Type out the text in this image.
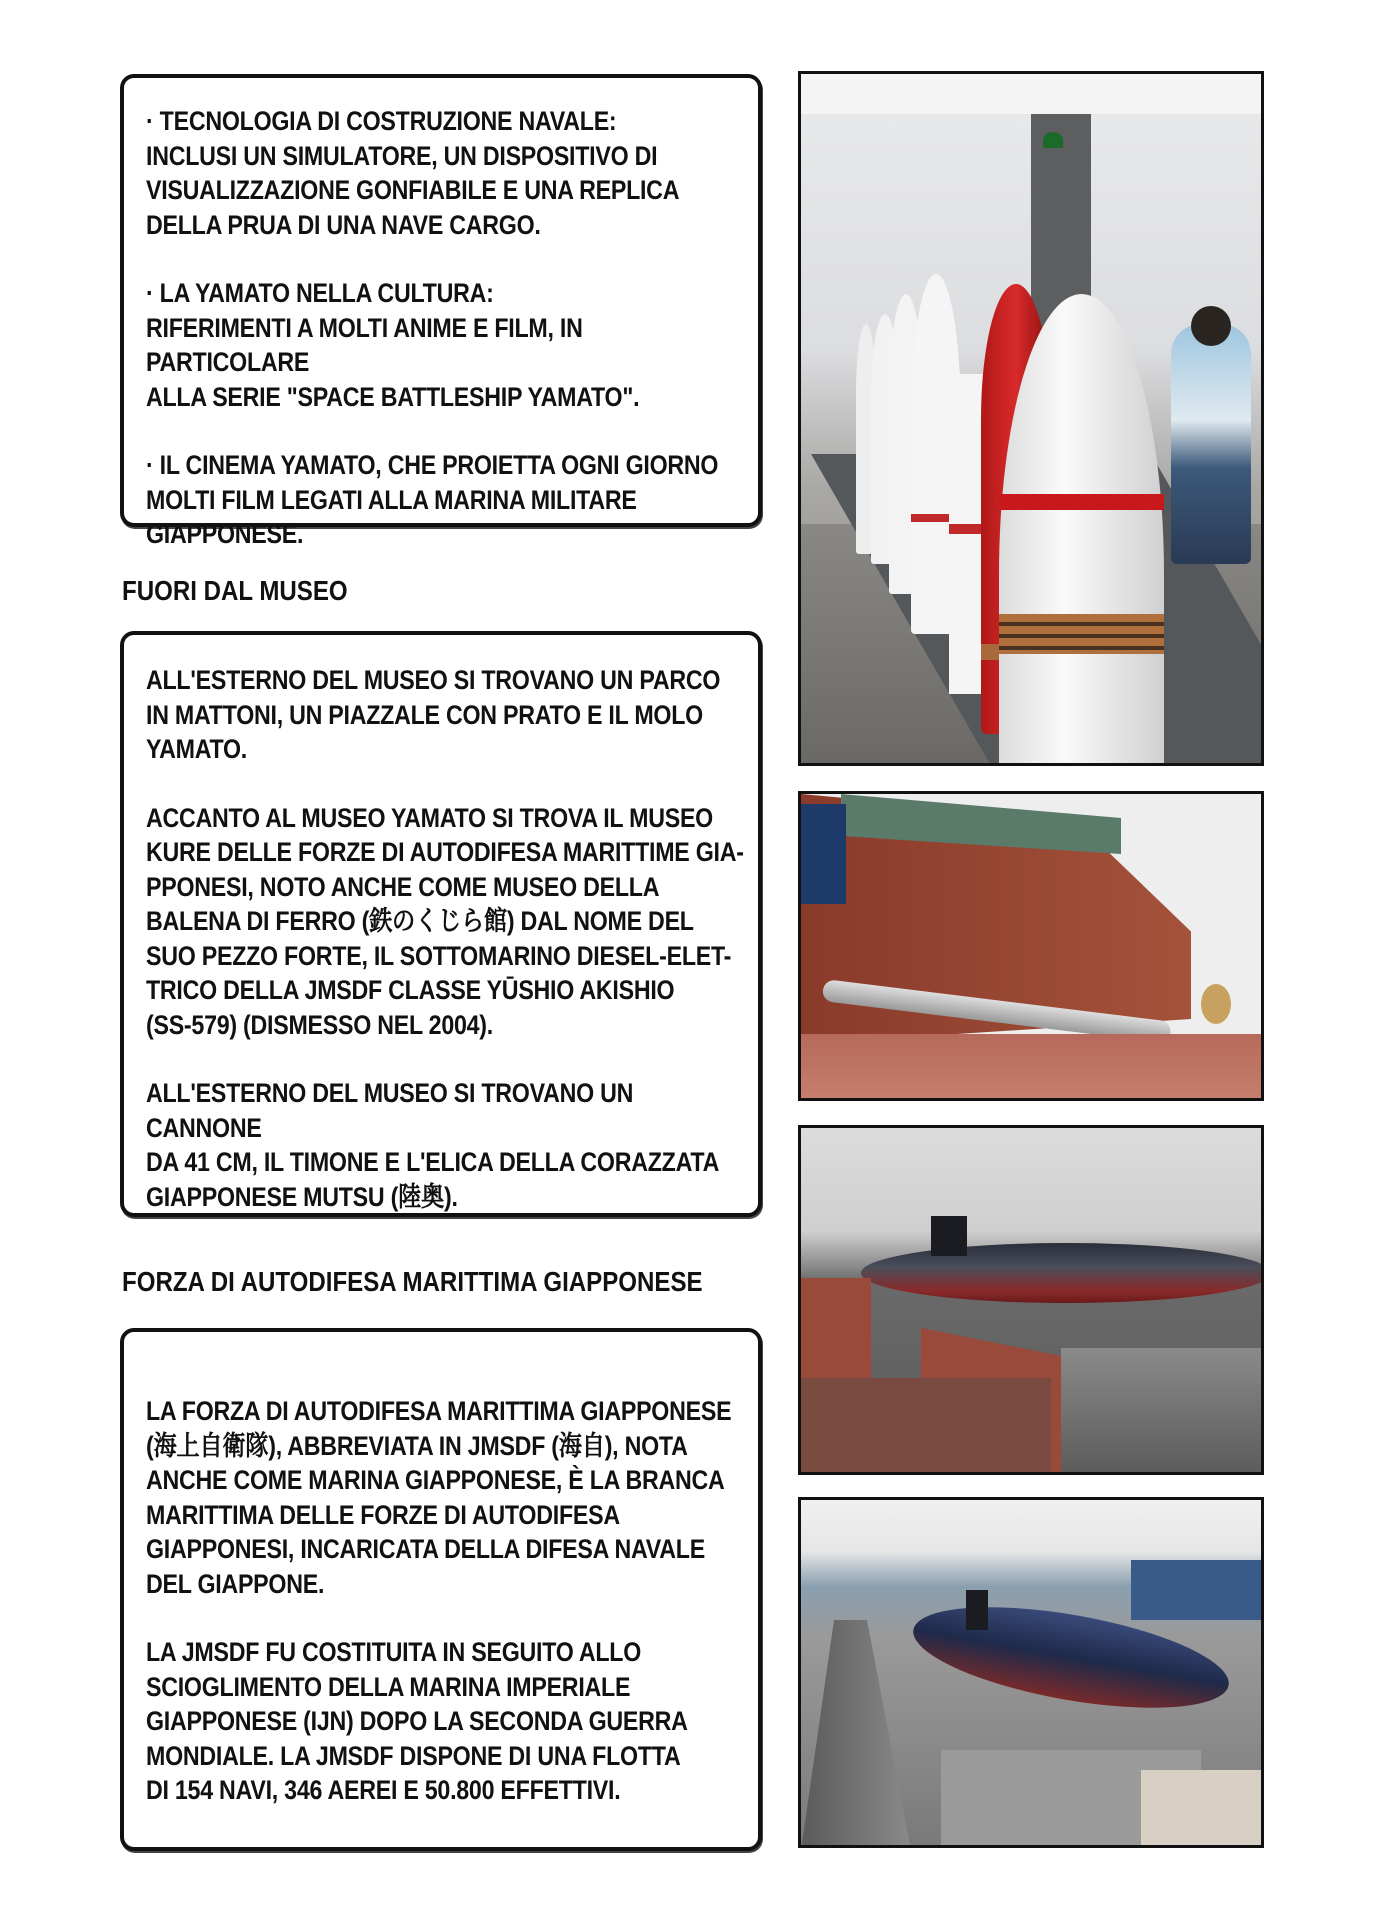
· TECNOLOGIA DI COSTRUZIONE NAVALE:
INCLUSI UN SIMULATORE, UN DISPOSITIVO DI
VISUALIZZAZIONE GONFIABILE E UNA REPLICA
DELLA PRUA DI UNA NAVE CARGO.

· LA YAMATO NELLA CULTURA:
RIFERIMENTI A MOLTI ANIME E FILM, IN PARTICOLARE
ALLA SERIE "SPACE BATTLESHIP YAMATO".

· IL CINEMA YAMATO, CHE PROIETTA OGNI GIORNO
MOLTI FILM LEGATI ALLA MARINA MILITARE
GIAPPONESE.

FUORI DAL MUSEO

ALL'ESTERNO DEL MUSEO SI TROVANO UN PARCO
IN MATTONI, UN PIAZZALE CON PRATO E IL MOLO
YAMATO.

ACCANTO AL MUSEO YAMATO SI TROVA IL MUSEO
KURE DELLE FORZE DI AUTODIFESA MARITTIME GIA-
PPONESI, NOTO ANCHE COME MUSEO DELLA
BALENA DI FERRO (鉄のくじら館) DAL NOME DEL
SUO PEZZO FORTE, IL SOTTOMARINO DIESEL-ELET-
TRICO DELLA JMSDF CLASSE YŪSHIO AKISHIO
(SS-579) (DISMESSO NEL 2004).

ALL'ESTERNO DEL MUSEO SI TROVANO UN CANNONE
DA 41 CM, IL TIMONE E L'ELICA DELLA CORAZZATA
GIAPPONESE MUTSU (陸奥).

FORZA DI AUTODIFESA MARITTIMA GIAPPONESE

LA FORZA DI AUTODIFESA MARITTIMA GIAPPONESE
(海上自衛隊), ABBREVIATA IN JMSDF (海自), NOTA
ANCHE COME MARINA GIAPPONESE, È LA BRANCA
MARITTIMA DELLE FORZE DI AUTODIFESA
GIAPPONESI, INCARICATA DELLA DIFESA NAVALE
DEL GIAPPONE.

LA JMSDF FU COSTITUITA IN SEGUITO ALLO
SCIOGLIMENTO DELLA MARINA IMPERIALE
GIAPPONESE (IJN) DOPO LA SECONDA GUERRA
MONDIALE. LA JMSDF DISPONE DI UNA FLOTTA
DI 154 NAVI, 346 AEREI E 50.800 EFFETTIVI.
